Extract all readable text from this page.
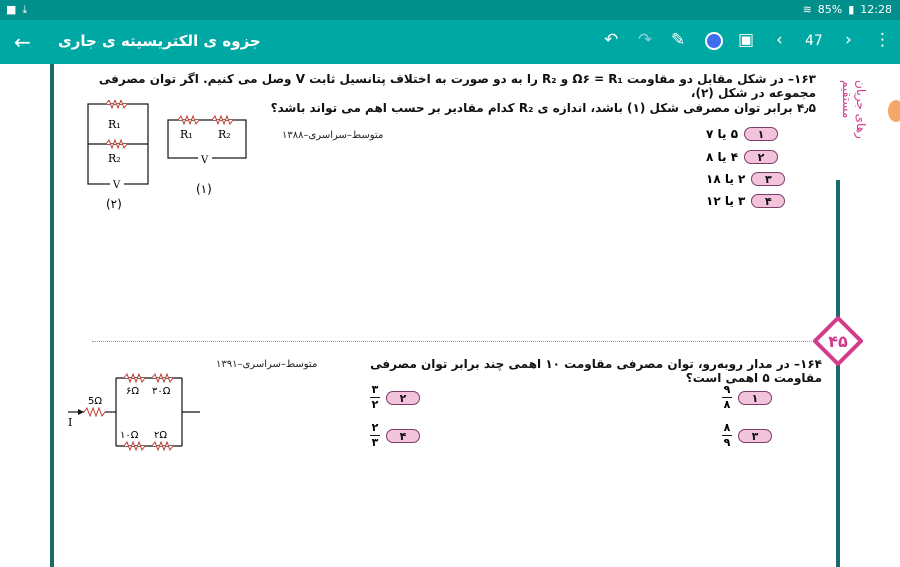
■ ⤓	≋ 85% ▮ 12:28
← جزوه ی الکتریسیته ی جاری	↶ ↷ ✎	▣ ‹ 47 › ⋮
رهای جریان مستقیم
۱۶۳– در شکل مقابل دو مقاومت Ω۶ = R₁ و R₂ را به دو صورت به اختلاف پتانسیل ثابت V وصل می کنیم. اگر توان مصرفی مجموعه در شکل (۲)،
۴٫۵ برابر توان مصرفی شکل (۱) باشد، اندازه ی R₂ کدام مقادیر بر حسب اهم می تواند باشد؟
متوسط–سراسری–۱۳۸۸	۱
۵ یا ۷
۲
۴ یا ۸
۳
۲ یا ۱۸
۴
۳ یا ۱۲
R₁
R₂
V
(۲)
R₁ R₂
V
(۱)
۴۵
۱۶۴– در مدار روبه‌رو، توان مصرفی مقاومت ۱۰ اهمی چند برابر توان مصرفی مقاومت ۵ اهمی است؟
متوسط–سراسری–۱۳۹۱
5Ω
۶Ω ۳۰Ω
۱۰Ω ۲Ω
I
۱
$\frac{۹}{۸}$
۲
$\frac{۳}{۲}$
۳
$\frac{۸}{۹}$
۴
$\frac{۲}{۳}$
